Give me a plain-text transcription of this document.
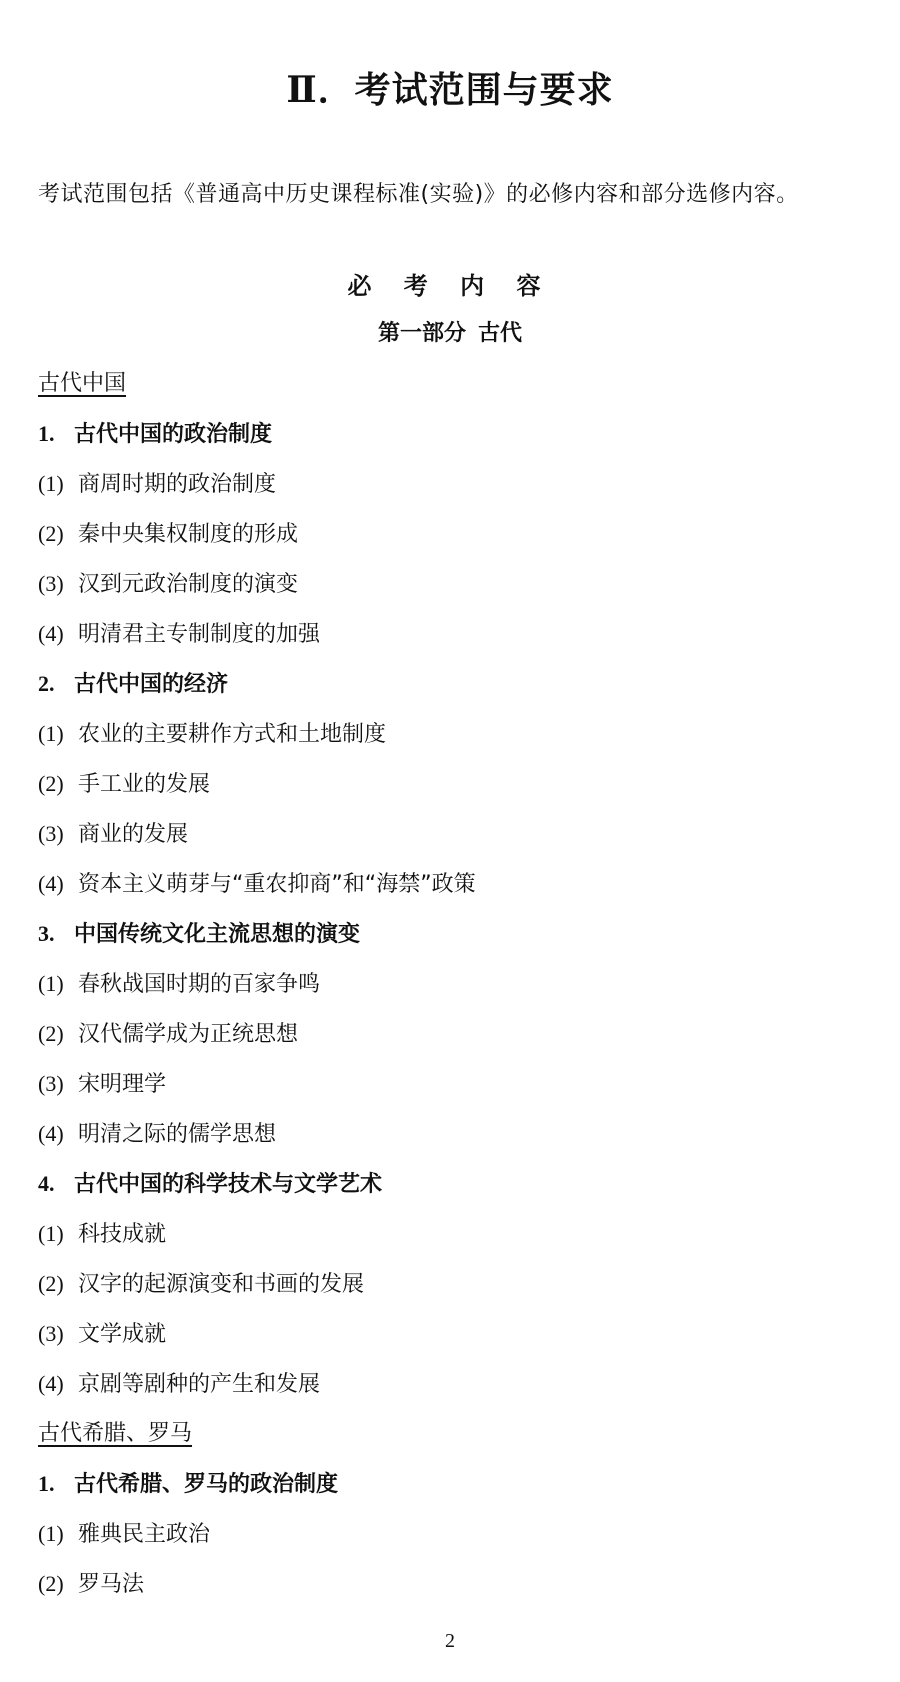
Ⅱ．考试范围与要求
考试范围包括《普通高中历史课程标准(实验)》的必修内容和部分选修内容。
必 考 内 容
第一部分 古代
古代中国
1. 古代中国的政治制度
(1) 商周时期的政治制度
(2) 秦中央集权制度的形成
(3) 汉到元政治制度的演变
(4) 明清君主专制制度的加强
2. 古代中国的经济
(1) 农业的主要耕作方式和土地制度
(2) 手工业的发展
(3) 商业的发展
(4) 资本主义萌芽与“重农抑商”和“海禁”政策
3. 中国传统文化主流思想的演变
(1) 春秋战国时期的百家争鸣
(2) 汉代儒学成为正统思想
(3) 宋明理学
(4) 明清之际的儒学思想
4. 古代中国的科学技术与文学艺术
(1) 科技成就
(2) 汉字的起源演变和书画的发展
(3) 文学成就
(4) 京剧等剧种的产生和发展
古代希腊、罗马
1. 古代希腊、罗马的政治制度
(1) 雅典民主政治
(2) 罗马法
2
